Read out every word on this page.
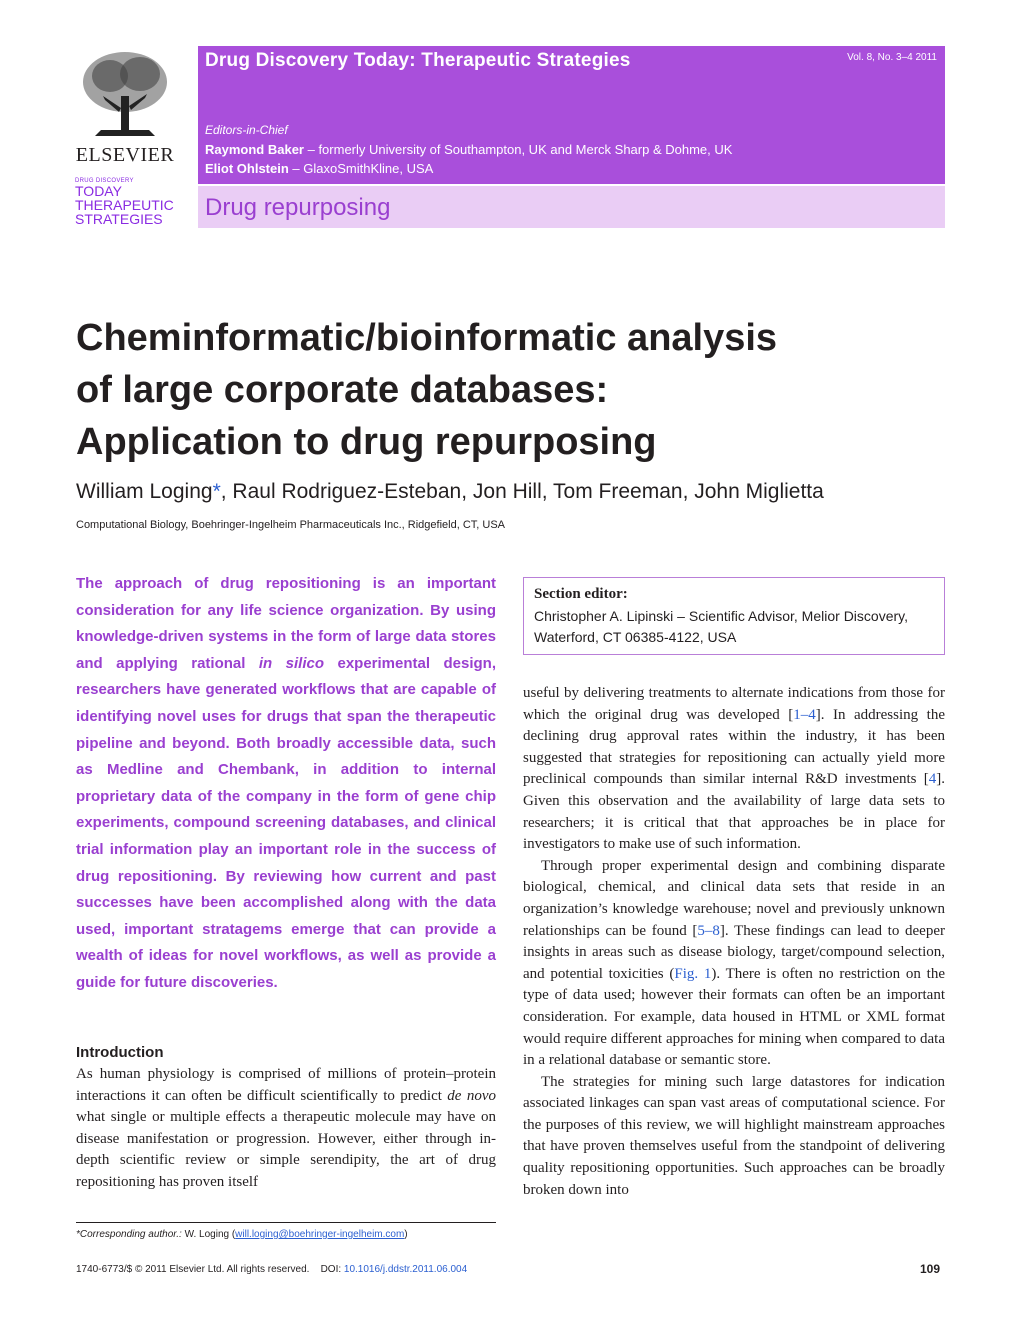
ELSEVIER
DRUG DISCOVERY
TODAY
THERAPEUTIC
STRATEGIES
Drug Discovery Today: Therapeutic Strategies	Vol. 8, No. 3–4 2011
Editors-in-Chief
Raymond Baker – formerly University of Southampton, UK and Merck Sharp & Dohme, UK
Eliot Ohlstein – GlaxoSmithKline, USA
Drug repurposing
Cheminformatic/bioinformatic analysis
of large corporate databases:
Application to drug repurposing
William Loging*, Raul Rodriguez-Esteban, Jon Hill, Tom Freeman, John Miglietta
Computational Biology, Boehringer-Ingelheim Pharmaceuticals Inc., Ridgefield, CT, USA
The approach of drug repositioning is an important consideration for any life science organization. By using knowledge-driven systems in the form of large data stores and applying rational in silico experimental design, researchers have generated workflows that are capable of identifying novel uses for drugs that span the therapeutic pipeline and beyond. Both broadly accessible data, such as Medline and Chembank, in addition to internal proprietary data of the company in the form of gene chip experiments, compound screening databases, and clinical trial information play an important role in the success of drug repositioning. By reviewing how current and past successes have been accomplished along with the data used, important stratagems emerge that can provide a wealth of ideas for novel workflows, as well as provide a guide for future discoveries.
Section editor:
Christopher A. Lipinski – Scientific Advisor, Melior Discovery,
Waterford, CT 06385-4122, USA
Introduction
As human physiology is comprised of millions of protein–protein interactions it can often be difficult scientifically to predict de novo what single or multiple effects a therapeutic molecule may have on disease manifestation or progression. However, either through in-depth scientific review or simple serendipity, the art of drug repositioning has proven itself

useful by delivering treatments to alternate indications from those for which the original drug was developed [1–4]. In addressing the declining drug approval rates within the industry, it has been suggested that strategies for repositioning can actually yield more preclinical compounds than similar internal R&D investments [4]. Given this observation and the availability of large data sets to researchers; it is critical that that approaches be in place for investigators to make use of such information.

Through proper experimental design and combining disparate biological, chemical, and clinical data sets that reside in an organization’s knowledge warehouse; novel and previously unknown relationships can be found [5–8]. These findings can lead to deeper insights in areas such as disease biology, target/compound selection, and potential toxicities (Fig. 1). There is often no restriction on the type of data used; however their formats can often be an important consideration. For example, data housed in HTML or XML format would require different approaches for mining when compared to data in a relational database or semantic store.

The strategies for mining such large datastores for indication associated linkages can span vast areas of computational science. For the purposes of this review, we will highlight mainstream approaches that have proven themselves useful from the standpoint of delivering quality repositioning opportunities. Such approaches can be broadly broken down into

*Corresponding author.: W. Loging (will.loging@boehringer-ingelheim.com)
1740-6773/$ © 2011 Elsevier Ltd. All rights reserved. DOI: 10.1016/j.ddstr.2011.06.004	109
